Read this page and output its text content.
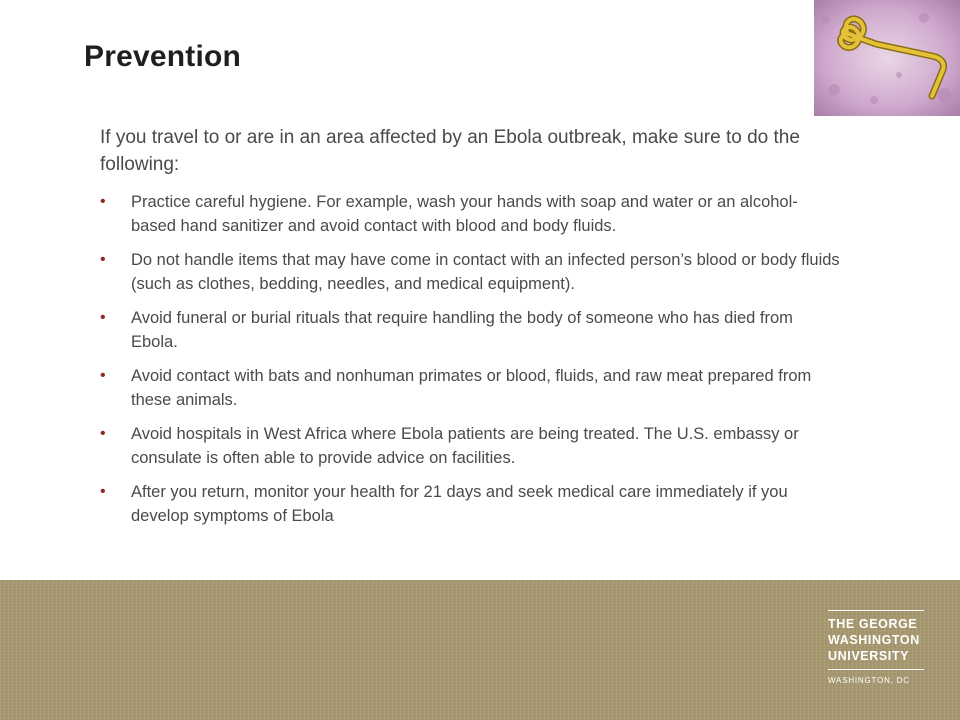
Prevention
If you travel to or are in an area affected by an Ebola outbreak, make sure to do the following:
• Practice careful hygiene. For example, wash your hands with soap and water or an alcohol-based hand sanitizer and avoid contact with blood and body fluids.
• Do not handle items that may have come in contact with an infected person’s blood or body fluids (such as clothes, bedding, needles, and medical equipment).
• Avoid funeral or burial rituals that require handling the body of someone who has died from Ebola.
• Avoid contact with bats and nonhuman primates or blood, fluids, and raw meat prepared from these animals.
• Avoid hospitals in West Africa where Ebola patients are being treated. The U.S. embassy or consulate is often able to provide advice on facilities.
• After you return, monitor your health for 21 days and seek medical care immediately if you develop symptoms of Ebola
THE GEORGE
WASHINGTON
UNIVERSITY
WASHINGTON, DC
